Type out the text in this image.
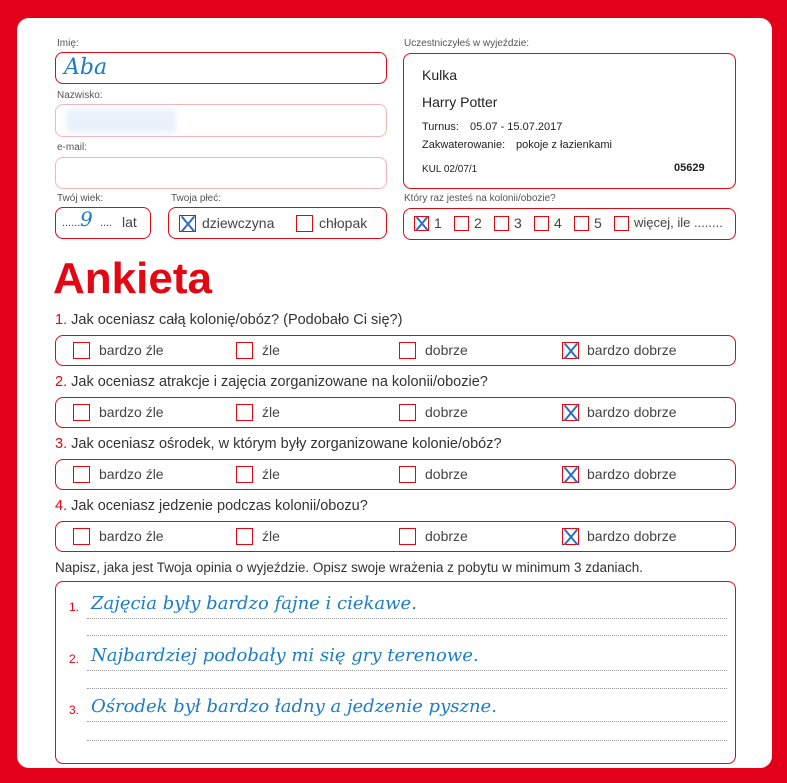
Imię:
Aba
Nazwisko:
e-mail:
Twój wiek:
........
9 .... lat
Twoja płeć:
dziewczyna	chłopak
Uczestniczyłeś w wyjeździe:
Kulka
Harry Potter
Turnus: 05.07 - 15.07.2017
Zakwaterowanie: pokoje z łazienkami
KUL 02/07/1	05629
Który raz jesteś na kolonii/obozie?
1 2 3 4 5 więcej, ile ........
Ankieta
1. Jak oceniasz całą kolonię/obóz? (Podobało Ci się?)
bardzo źle	źle	dobrze	bardzo dobrze
2. Jak oceniasz atrakcje i zajęcia zorganizowane na kolonii/obozie?
bardzo źle	źle	dobrze	bardzo dobrze
3. Jak oceniasz ośrodek, w którym były zorganizowane kolonie/obóz?
bardzo źle	źle	dobrze	bardzo dobrze
4. Jak oceniasz jedzenie podczas kolonii/obozu?
bardzo źle	źle	dobrze	bardzo dobrze
Napisz, jaka jest Twoja opinia o wyjeździe. Opisz swoje wrażenia z pobytu w minimum 3 zdaniach.
1. Zajęcia były bardzo fajne i ciekawe.
2. Najbardziej podobały mi się gry terenowe.
3. Ośrodek był bardzo ładny a jedzenie pyszne.
